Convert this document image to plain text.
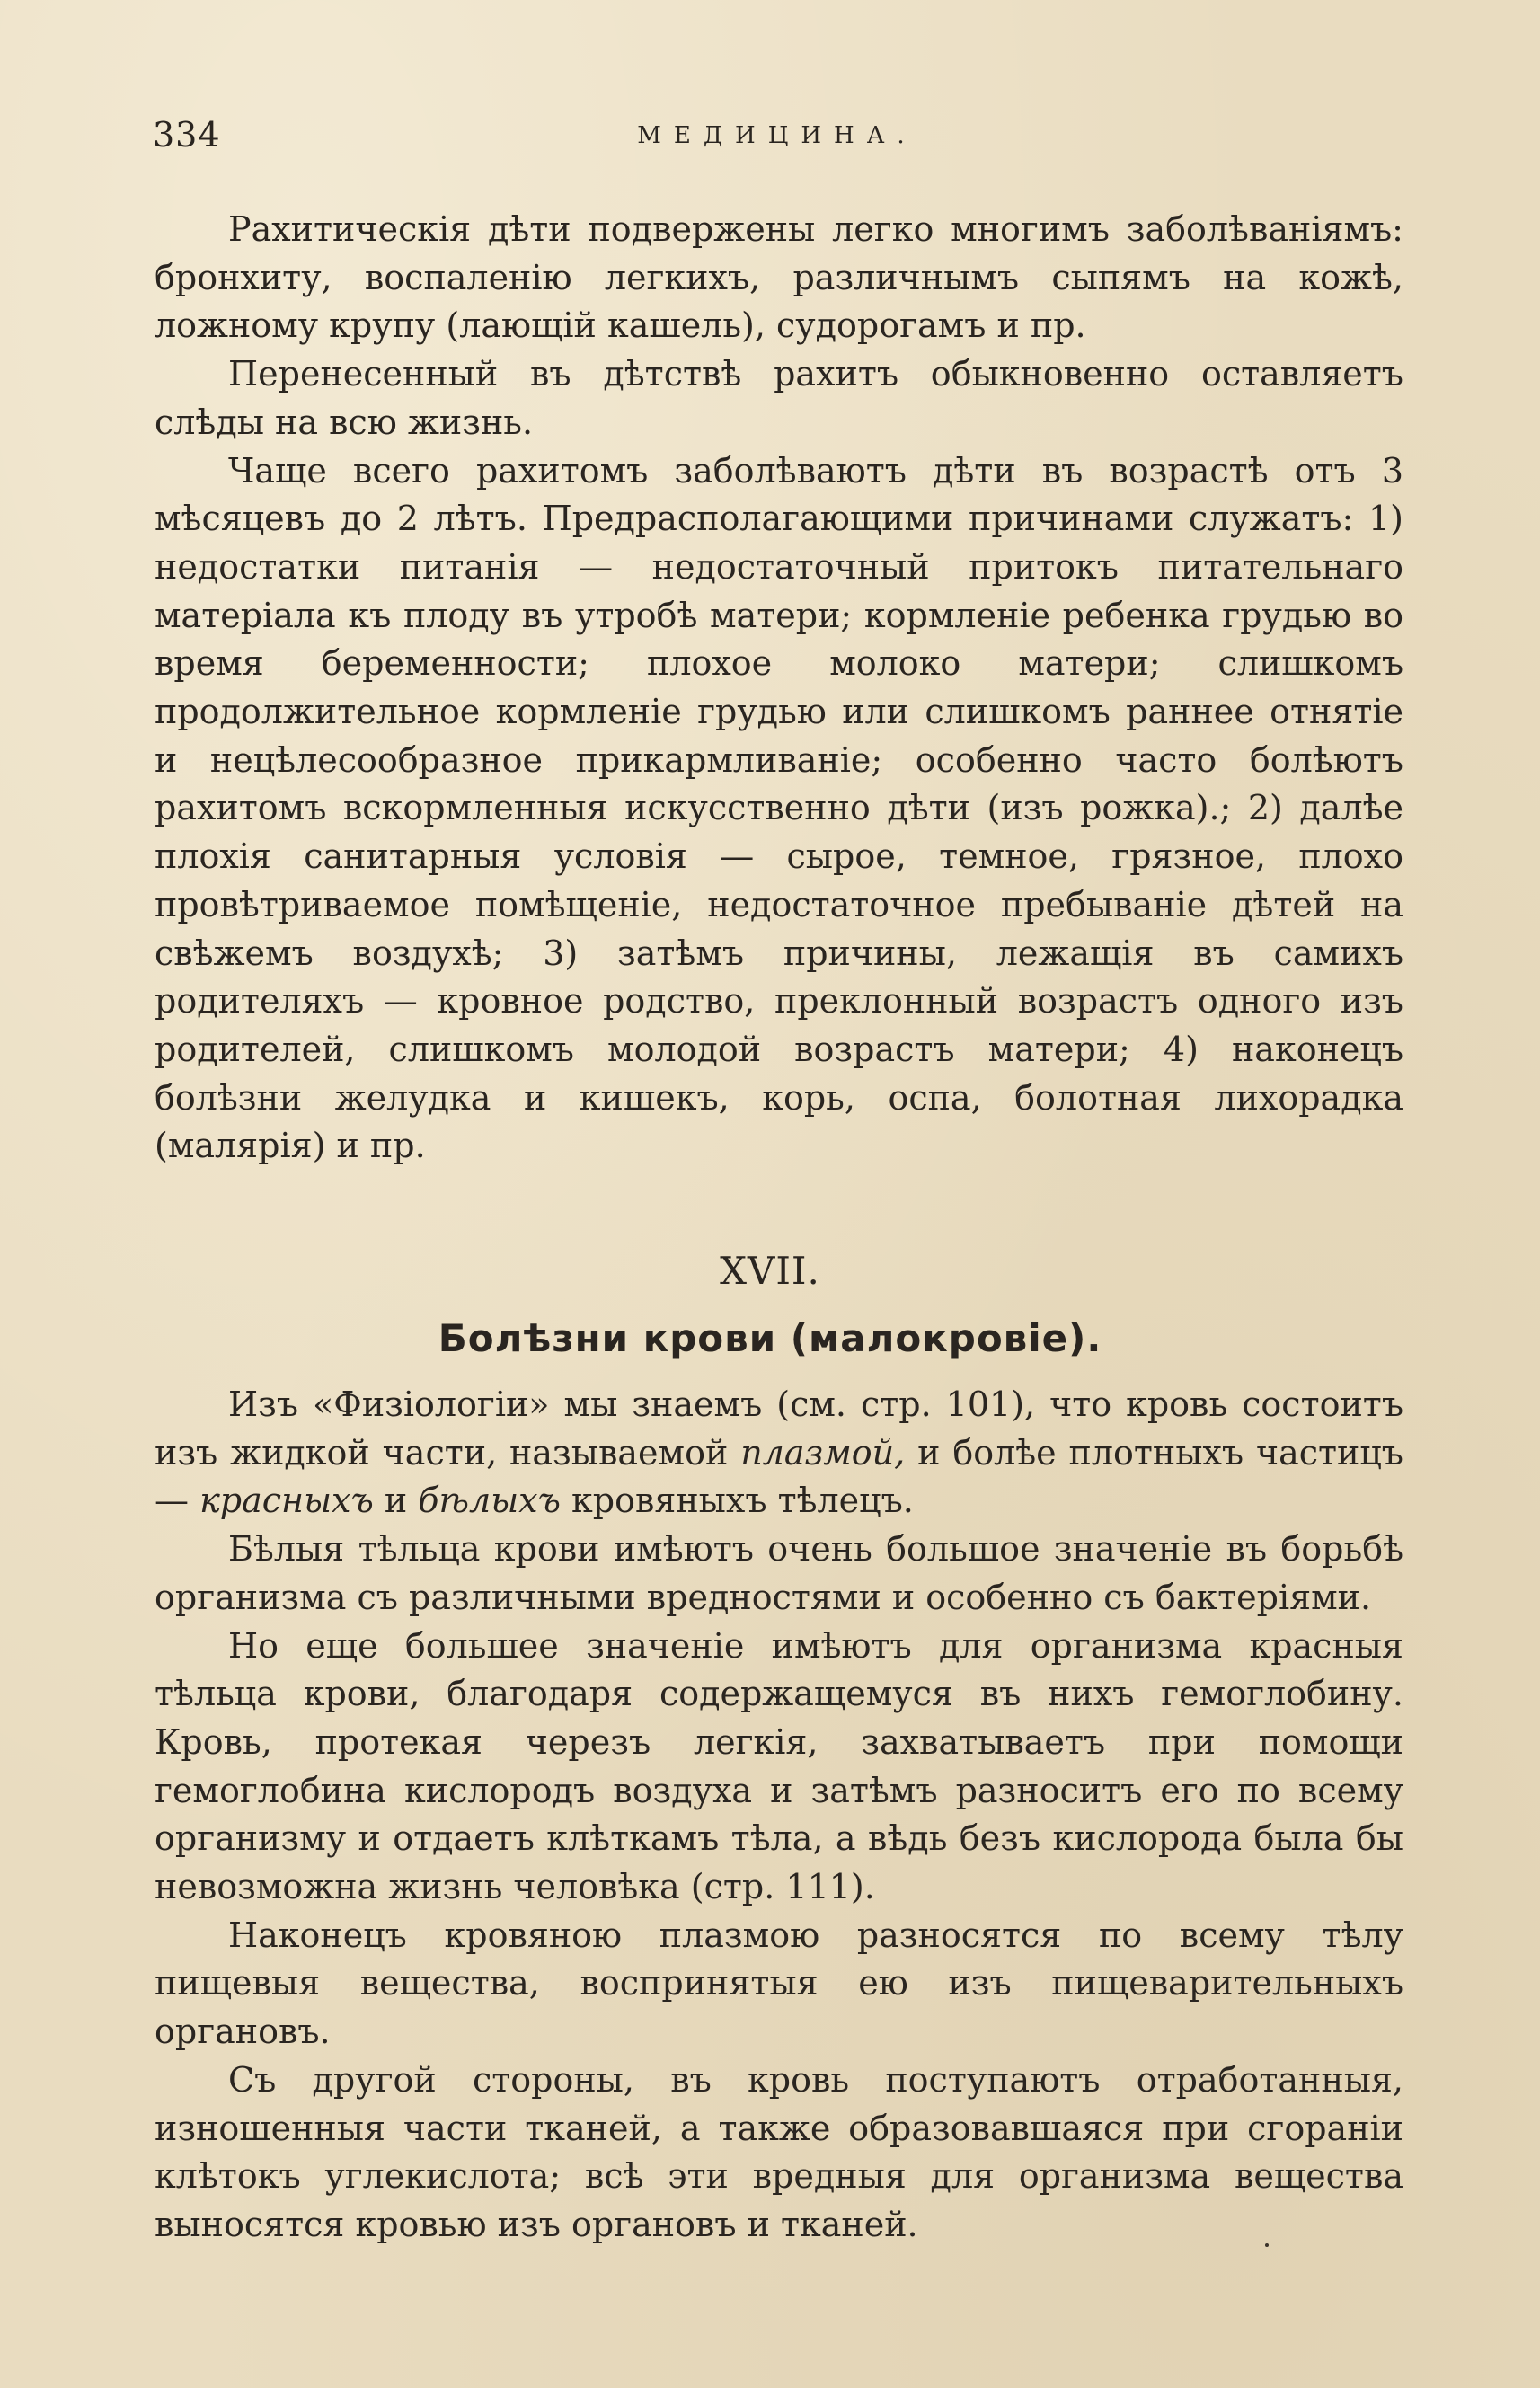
334	МЕДИЦИНА.

Рахитическія дѣти подвержены легко многимъ заболѣваніямъ: бронхиту, воспаленію легкихъ, различнымъ сыпямъ на кожѣ, ложному крупу (лающій кашель), судорогамъ и пр.

Перенесенный въ дѣтствѣ рахитъ обыкновенно оставляетъ слѣды на всю жизнь.

Чаще всего рахитомъ заболѣваютъ дѣти въ возрастѣ отъ 3 мѣсяцевъ до 2 лѣтъ. Предрасполагающими причинами служатъ: 1) недостатки питанія — недостаточный притокъ питательнаго матеріала къ плоду въ утробѣ матери; кормленіе ребенка грудью во время беременности; плохое молоко матери; слишкомъ продолжительное кормленіе грудью или слишкомъ раннее отнятіе и нецѣлесообразное прикармливаніе; особенно часто болѣютъ рахитомъ вскормленныя искусственно дѣти (изъ рожка).; 2) далѣе плохія санитарныя условія — сырое, темное, грязное, плохо провѣтриваемое помѣщеніе, недостаточное пребываніе дѣтей на свѣжемъ воздухѣ; 3) затѣмъ причины, лежащія въ самихъ родителяхъ — кровное родство, преклонный возрастъ одного изъ родителей, слишкомъ молодой возрастъ матери; 4) наконецъ болѣзни желудка и кишекъ, корь, оспа, болотная лихорадка (малярія) и пр.

XVII.
Болѣзни крови (малокровіе).

Изъ «Физіологіи» мы знаемъ (см. стр. 101), что кровь состоитъ изъ жидкой части, называемой плазмой, и болѣе плотныхъ частицъ — красныхъ и бѣлыхъ кровяныхъ тѣлецъ.

Бѣлыя тѣльца крови имѣютъ очень большое значеніе въ борьбѣ организма съ различными вредностями и особенно съ бактеріями.

Но еще большее значеніе имѣютъ для организма красныя тѣльца крови, благодаря содержащемуся въ нихъ гемоглобину. Кровь, протекая черезъ легкія, захватываетъ при помощи гемоглобина кислородъ воздуха и затѣмъ разноситъ его по всему организму и отдаетъ клѣткамъ тѣла, а вѣдь безъ кислорода была бы невозможна жизнь человѣка (стр. 111).

Наконецъ кровяною плазмою разносятся по всему тѣлу пищевыя вещества, воспринятыя ею изъ пищеварительныхъ органовъ.

Съ другой стороны, въ кровь поступаютъ отработанныя, изношенныя части тканей, а также образовавшаяся при сгораніи клѣтокъ углекислота; всѣ эти вредныя для организма вещества выносятся кровью изъ органовъ и тканей.
